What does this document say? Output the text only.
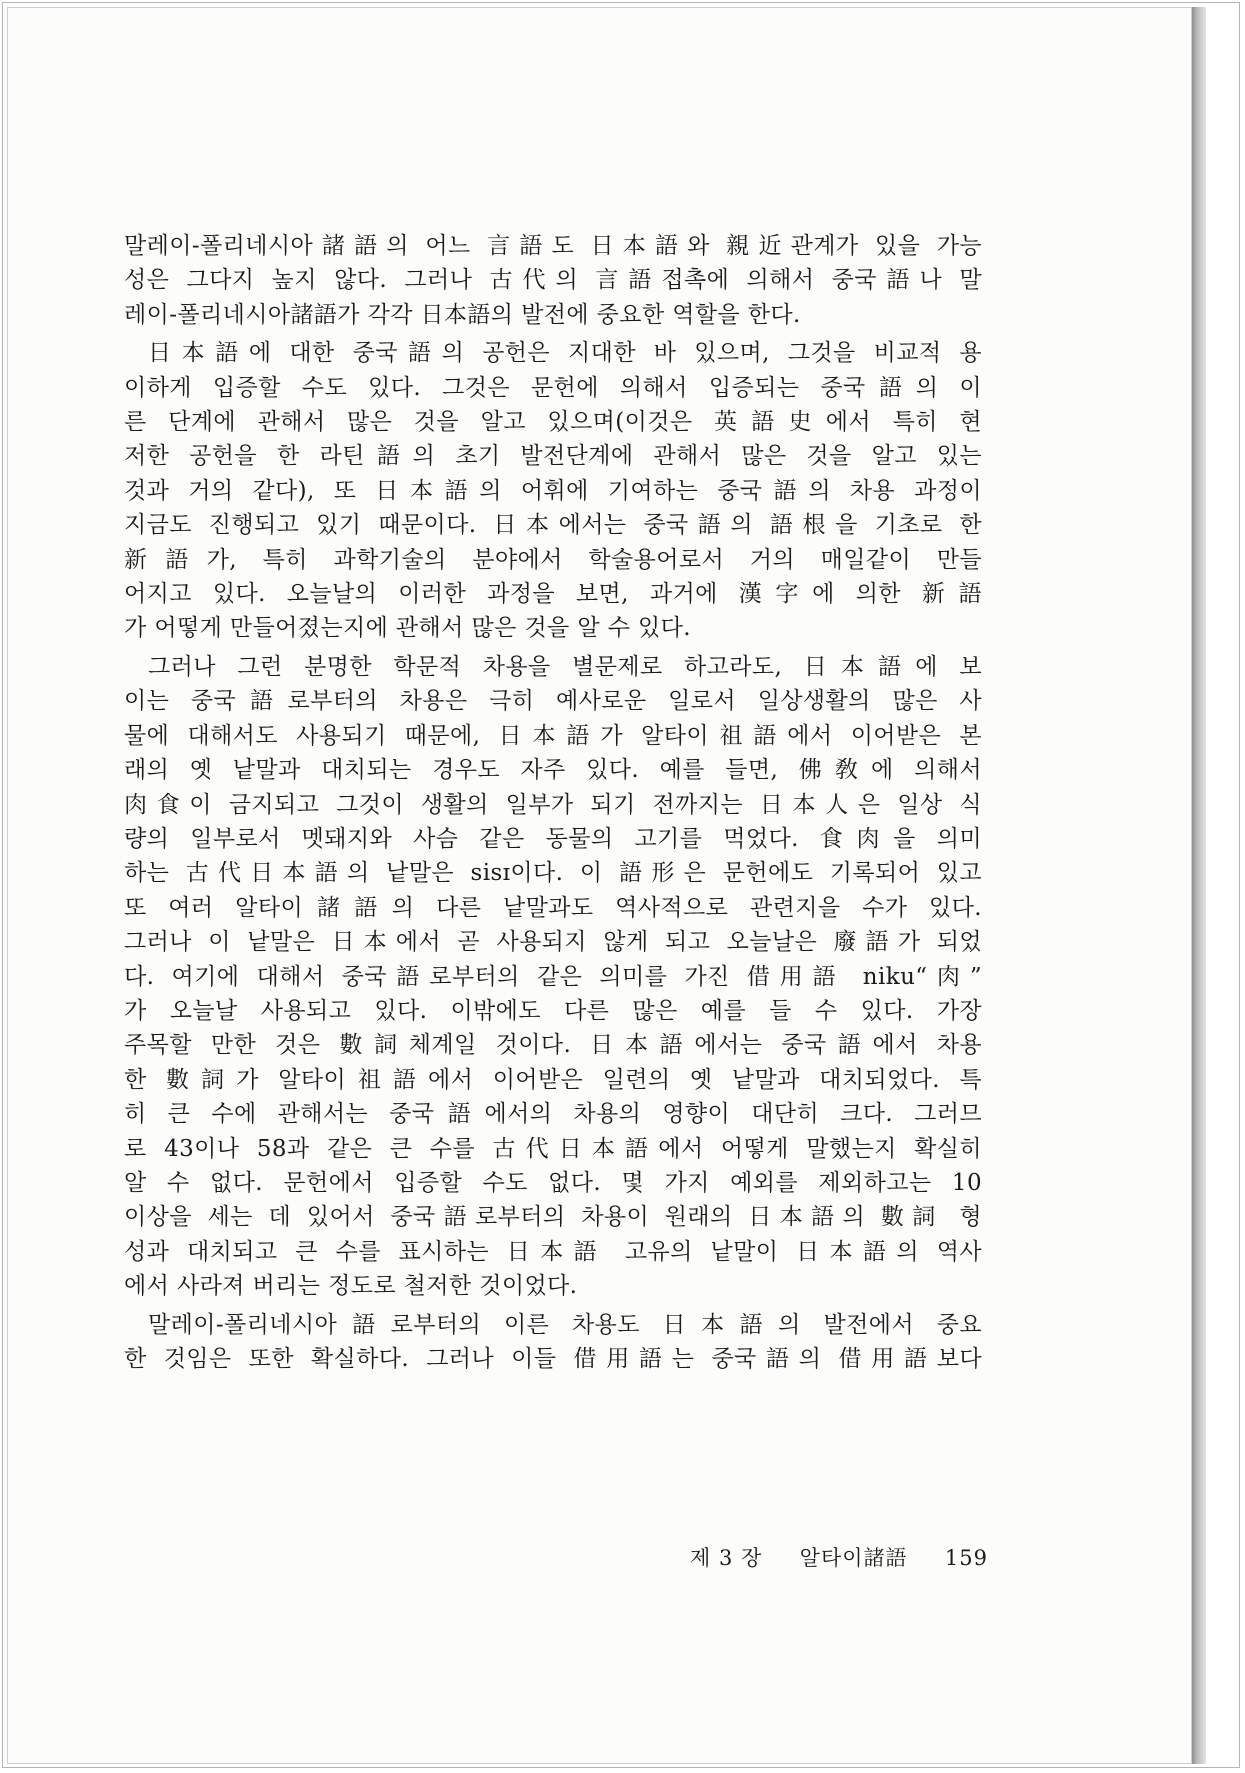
말레이-폴리네시아諸語의 어느 言語도 日本語와 親近관계가 있을 가능
성은 그다지 높지 않다. 그러나 古代의 言語접촉에 의해서 중국語나 말
레이-폴리네시아諸語가 각각 日本語의 발전에 중요한 역할을 한다.
日本語에 대한 중국語의 공헌은 지대한 바 있으며, 그것을 비교적 용
이하게 입증할 수도 있다. 그것은 문헌에 의해서 입증되는 중국語의 이
른 단계에 관해서 많은 것을 알고 있으며(이것은 英語史에서 특히 현
저한 공헌을 한 라틴語의 초기 발전단계에 관해서 많은 것을 알고 있는
것과 거의 같다), 또 日本語의 어휘에 기여하는 중국語의 차용 과정이
지금도 진행되고 있기 때문이다. 日本에서는 중국語의 語根을 기초로 한
新語가, 특히 과학기술의 분야에서 학술용어로서 거의 매일같이 만들
어지고 있다. 오늘날의 이러한 과정을 보면, 과거에 漢字에 의한 新語
가 어떻게 만들어졌는지에 관해서 많은 것을 알 수 있다.
그러나 그런 분명한 학문적 차용을 별문제로 하고라도, 日本語에 보
이는 중국語로부터의 차용은 극히 예사로운 일로서 일상생활의 많은 사
물에 대해서도 사용되기 때문에, 日本語가 알타이祖語에서 이어받은 본
래의 옛 낱말과 대치되는 경우도 자주 있다. 예를 들면, 佛敎에 의해서
肉食이 금지되고 그것이 생활의 일부가 되기 전까지는 日本人은 일상 식
량의 일부로서 멧돼지와 사슴 같은 동물의 고기를 먹었다. 食肉을 의미
하는 古代日本語의 낱말은 sisɪ이다. 이 語形은 문헌에도 기록되어 있고
또 여러 알타이諸語의 다른 낱말과도 역사적으로 관련지을 수가 있다.
그러나 이 낱말은 日本에서 곧 사용되지 않게 되고 오늘날은 廢語가 되었
다. 여기에 대해서 중국語로부터의 같은 의미를 가진 借用語 niku“肉”
가 오늘날 사용되고 있다. 이밖에도 다른 많은 예를 들 수 있다. 가장
주목할 만한 것은 數詞체계일 것이다. 日本語에서는 중국語에서 차용
한 數詞가 알타이祖語에서 이어받은 일련의 옛 낱말과 대치되었다. 특
히 큰 수에 관해서는 중국語에서의 차용의 영향이 대단히 크다. 그러므
로 43이나 58과 같은 큰 수를 古代日本語에서 어떻게 말했는지 확실히
알 수 없다. 문헌에서 입증할 수도 없다. 몇 가지 예외를 제외하고는 10
이상을 세는 데 있어서 중국語로부터의 차용이 원래의 日本語의 數詞 형
성과 대치되고 큰 수를 표시하는 日本語 고유의 낱말이 日本語의 역사
에서 사라져 버리는 정도로 철저한 것이었다.
말레이-폴리네시아語로부터의 이른 차용도 日本語의 발전에서 중요
한 것임은 또한 확실하다. 그러나 이들 借用語는 중국語의 借用語보다
제 3 장 알타이諸語 159
